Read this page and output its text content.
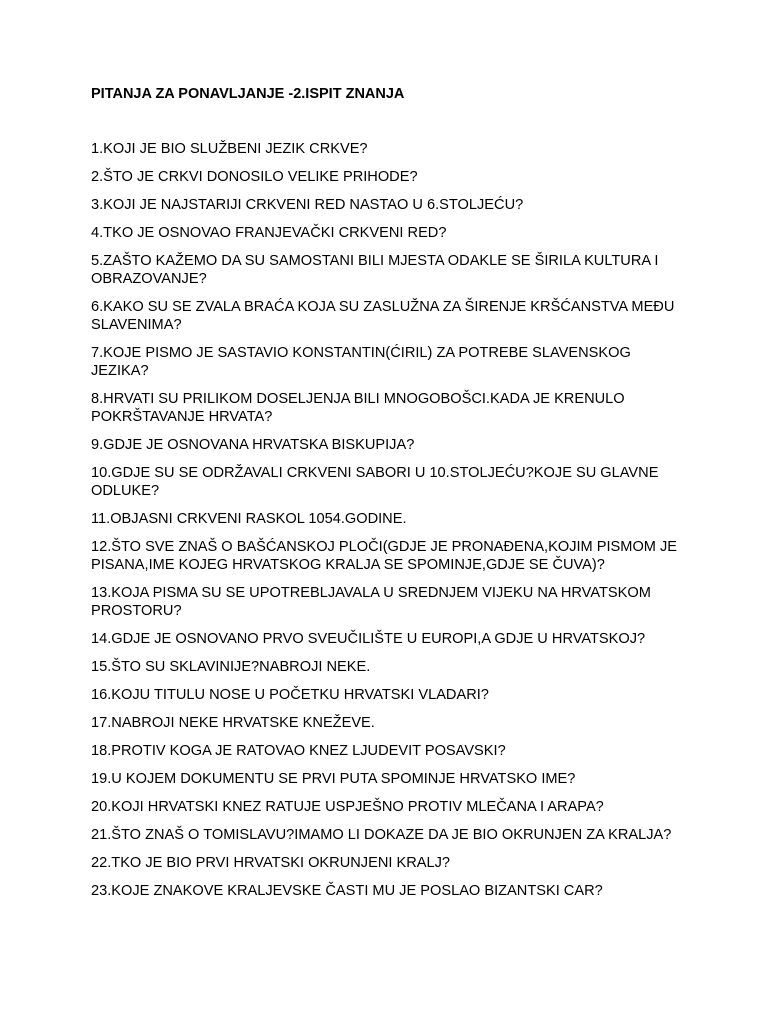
PITANJA ZA PONAVLJANJE -2.ISPIT ZNANJA
1.KOJI JE BIO SLUŽBENI JEZIK CRKVE?
2.ŠTO JE CRKVI DONOSILO VELIKE PRIHODE?
3.KOJI JE NAJSTARIJI CRKVENI RED NASTAO U 6.STOLJEĆU?
4.TKO JE OSNOVAO FRANJEVAČKI CRKVENI RED?
5.ZAŠTO KAŽEMO DA SU SAMOSTANI BILI MJESTA ODAKLE SE ŠIRILA KULTURA I OBRAZOVANJE?
6.KAKO SU SE ZVALA BRAĆA KOJA SU ZASLUŽNA ZA ŠIRENJE KRŠĆANSTVA MEĐU SLAVENIMA?
7.KOJE PISMO JE SASTAVIO KONSTANTIN(ĆIRIL) ZA POTREBE SLAVENSKOG JEZIKA?
8.HRVATI SU PRILIKOM DOSELJENJA BILI MNOGOBOŠCI.KADA JE KRENULO POKRŠTAVANJE HRVATA?
9.GDJE JE OSNOVANA HRVATSKA BISKUPIJA?
10.GDJE SU SE ODRŽAVALI CRKVENI SABORI U 10.STOLJEĆU?KOJE SU GLAVNE ODLUKE?
11.OBJASNI CRKVENI RASKOL 1054.GODINE.
12.ŠTO SVE ZNAŠ O BAŠĆANSKOJ PLOČI(GDJE JE PRONAĐENA,KOJIM PISMOM JE PISANA,IME KOJEG HRVATSKOG KRALJA SE SPOMINJE,GDJE SE ČUVA)?
13.KOJA PISMA SU SE UPOTREBLJAVALA U SREDNJEM VIJEKU NA HRVATSKOM PROSTORU?
14.GDJE JE OSNOVANO PRVO SVEUČILIŠTE U EUROPI,A GDJE U HRVATSKOJ?
15.ŠTO SU SKLAVINIJE?NABROJI NEKE.
16.KOJU TITULU NOSE U POČETKU HRVATSKI VLADARI?
17.NABROJI NEKE HRVATSKE KNEŽEVE.
18.PROTIV KOGA JE RATOVAO KNEZ LJUDEVIT POSAVSKI?
19.U KOJEM DOKUMENTU SE PRVI PUTA SPOMINJE HRVATSKO IME?
20.KOJI HRVATSKI KNEZ RATUJE USPJEŠNO PROTIV MLEČANA I ARAPA?
21.ŠTO ZNAŠ O TOMISLAVU?IMAMO LI DOKAZE DA JE BIO OKRUNJEN ZA KRALJA?
22.TKO JE BIO PRVI HRVATSKI OKRUNJENI KRALJ?
23.KOJE ZNAKOVE KRALJEVSKE ČASTI MU JE POSLAO BIZANTSKI CAR?
